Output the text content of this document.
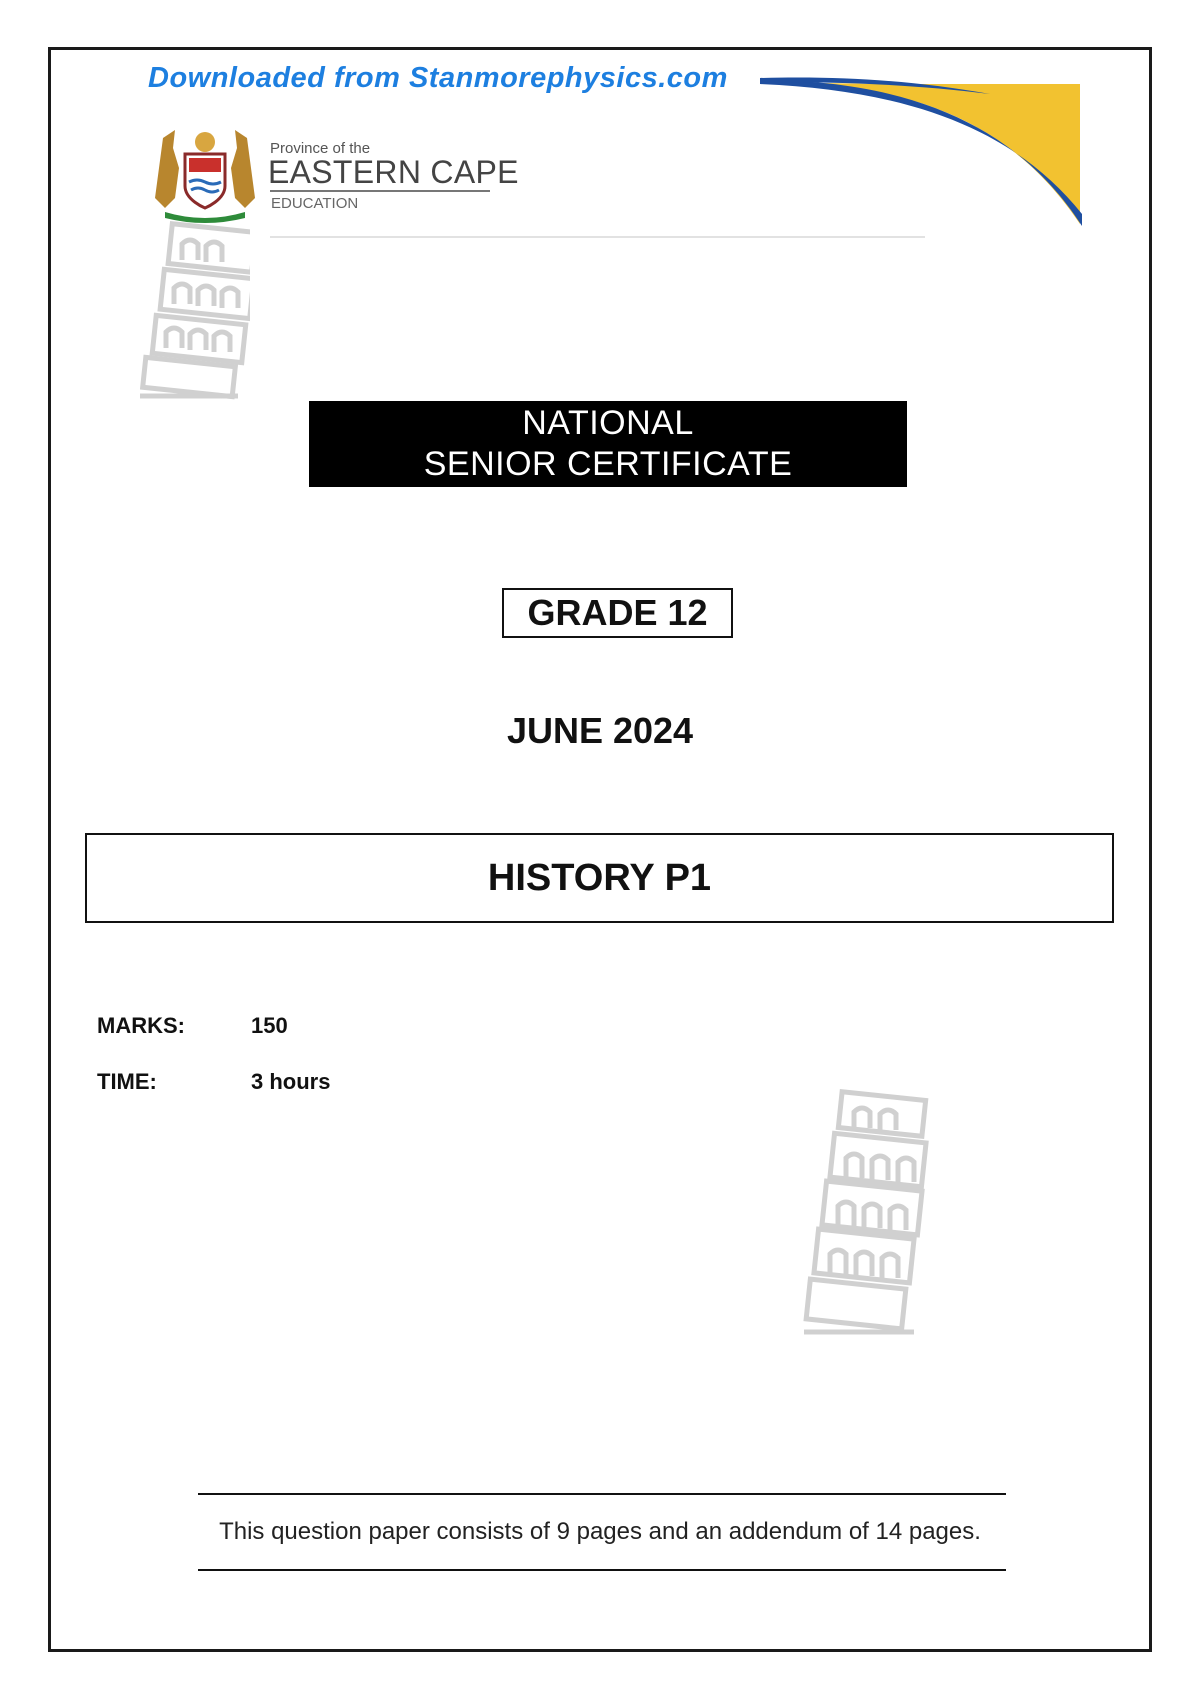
Downloaded from Stanmorephysics.com
Province of the
EASTERN CAPE
EDUCATION
NATIONAL
SENIOR CERTIFICATE
GRADE 12
JUNE 2024
HISTORY P1
MARKS:	150
TIME:	3 hours
This question paper consists of 9 pages and an addendum of 14 pages.
